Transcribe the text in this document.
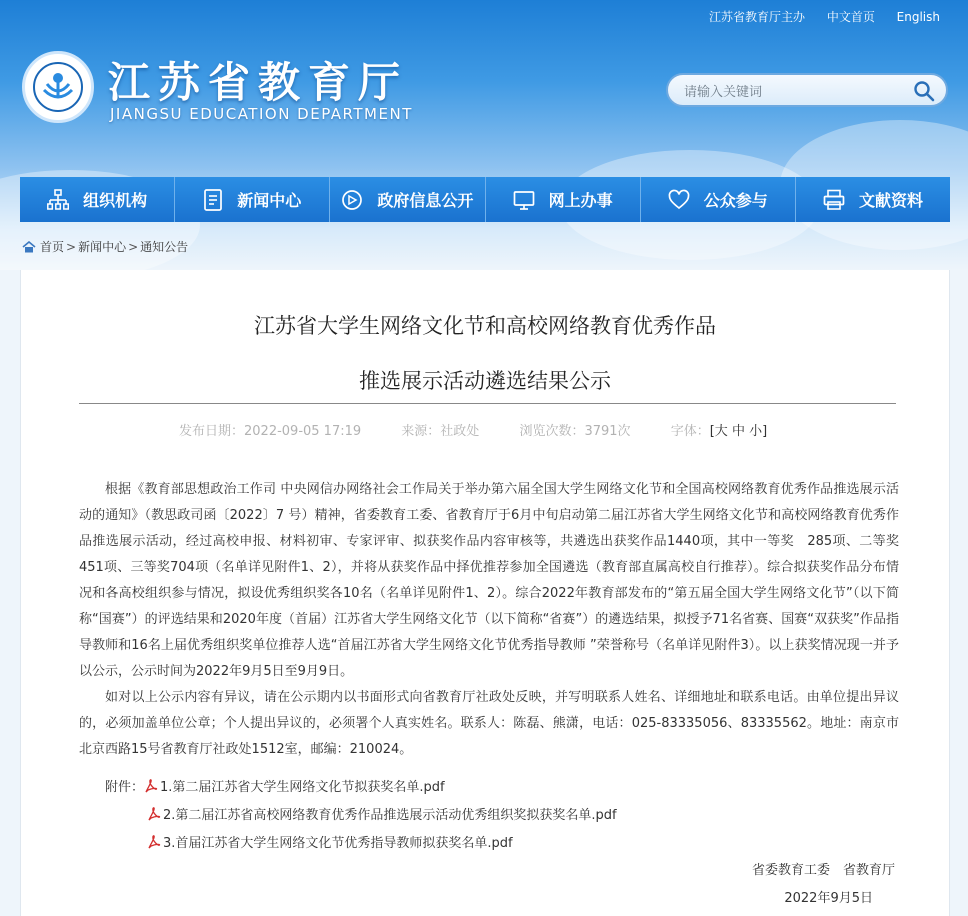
江苏省教育厅主办 中文首页 English
江苏省教育厅
JIANGSU EDUCATION DEPARTMENT
请输入关键词
组织机构	新闻中心	政府信息公开	网上办事	公众参与	文献资料
首页 > 新闻中心 > 通知公告
江苏省大学生网络文化节和高校网络教育优秀作品
推选展示活动遴选结果公示
发布日期：2022-09-05 17:19	来源：社政处	浏览次数：3791次	字体：[大 中 小]

根据《教育部思想政治工作司 中央网信办网络社会工作局关于举办第六届全国大学生网络文化节和全国高校网络教育优秀作品推选展示活动的通知》（教思政司函〔2022〕7 号）精神，省委教育工委、省教育厅于6月中旬启动第二届江苏省大学生网络文化节和高校网络教育优秀作品推选展示活动，经过高校申报、材料初审、专家评审、拟获奖作品内容审核等，共遴选出获奖作品1440项，其中一等奖　285项、二等奖451项、三等奖704项（名单详见附件1、2），并将从获奖作品中择优推荐参加全国遴选（教育部直属高校自行推荐）。综合拟获奖作品分布情况和各高校组织参与情况，拟设优秀组织奖各10名（名单详见附件1、2）。综合2022年教育部发布的“第五届全国大学生网络文化节”（以下简称“国赛”）的评选结果和2020年度（首届）江苏省大学生网络文化节（以下简称“省赛”）的遴选结果，拟授予71名省赛、国赛“双获奖”作品指导教师和16名上届优秀组织奖单位推荐人选“首届江苏省大学生网络文化节优秀指导教师 ”荣誉称号（名单详见附件3）。以上获奖情况现一并予以公示，公示时间为2022年9月5日至9月9日。

如对以上公示内容有异议，请在公示期内以书面形式向省教育厅社政处反映，并写明联系人姓名、详细地址和联系电话。由单位提出异议的，必须加盖单位公章；个人提出异议的，必须署个人真实姓名。联系人：陈磊、熊潇，电话：025-83335056、83335562。地址：南京市北京西路15号省教育厅社政处1512室，邮编：210024。

附件： 1.第二届江苏省大学生网络文化节拟获奖名单.pdf
2.第二届江苏省高校网络教育优秀作品推选展示活动优秀组织奖拟获奖名单.pdf
3.首届江苏省大学生网络文化节优秀指导教师拟获奖名单.pdf
省委教育工委　省教育厅
2022年9月5日
